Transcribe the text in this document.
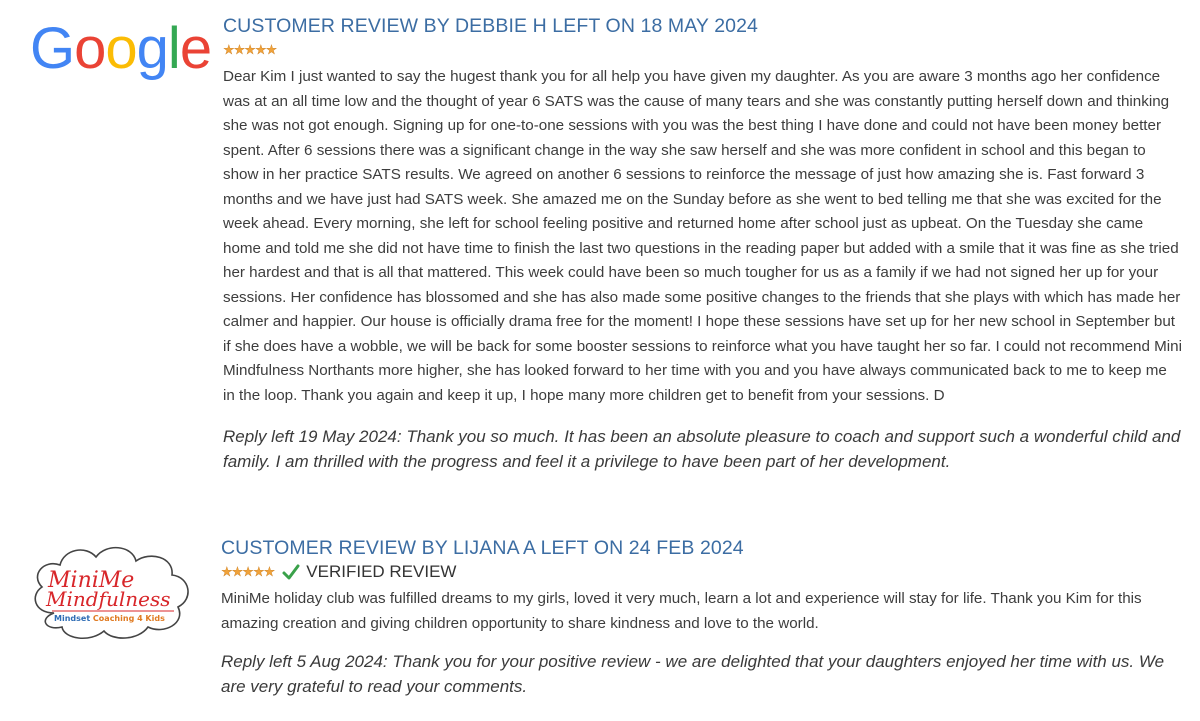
Google CUSTOMER REVIEW BY DEBBIE H LEFT ON 18 MAY 2024
★★★★★

Dear Kim I just wanted to say the hugest thank you for all help you have given my daughter. As you are aware 3 months ago her confidence was at an all time low and the thought of year 6 SATS was the cause of many tears and she was constantly putting herself down and thinking she was not got enough. Signing up for one-to-one sessions with you was the best thing I have done and could not have been money better spent. After 6 sessions there was a significant change in the way she saw herself and she was more confident in school and this began to show in her practice SATS results. We agreed on another 6 sessions to reinforce the message of just how amazing she is. Fast forward 3 months and we have just had SATS week. She amazed me on the Sunday before as she went to bed telling me that she was excited for the week ahead. Every morning, she left for school feeling positive and returned home after school just as upbeat. On the Tuesday she came home and told me she did not have time to finish the last two questions in the reading paper but added with a smile that it was fine as she tried her hardest and that is all that mattered. This week could have been so much tougher for us as a family if we had not signed her up for your sessions. Her confidence has blossomed and she has also made some positive changes to the friends that she plays with which has made her calmer and happier. Our house is officially drama free for the moment! I hope these sessions have set up for her new school in September but if she does have a wobble, we will be back for some booster sessions to reinforce what you have taught her so far. I could not recommend Mini Mindfulness Northants more higher, she has looked forward to her time with you and you have always communicated back to me to keep me in the loop. Thank you again and keep it up, I hope many more children get to benefit from your sessions. D

Reply left 19 May 2024: Thank you so much. It has been an absolute pleasure to coach and support such a wonderful child and family. I am thrilled with the progress and feel it a privilege to have been part of her development.

MiniMe
Mindfulness
Mindset Coaching 4 Kids
CUSTOMER REVIEW BY LIJANA A LEFT ON 24 FEB 2024
★★★★★ VERIFIED REVIEW

MiniMe holiday club was fulfilled dreams to my girls, loved it very much, learn a lot and experience will stay for life. Thank you Kim for this amazing creation and giving children opportunity to share kindness and love to the world.

Reply left 5 Aug 2024: Thank you for your positive review - we are delighted that your daughters enjoyed her time with us. We are very grateful to read your comments.
